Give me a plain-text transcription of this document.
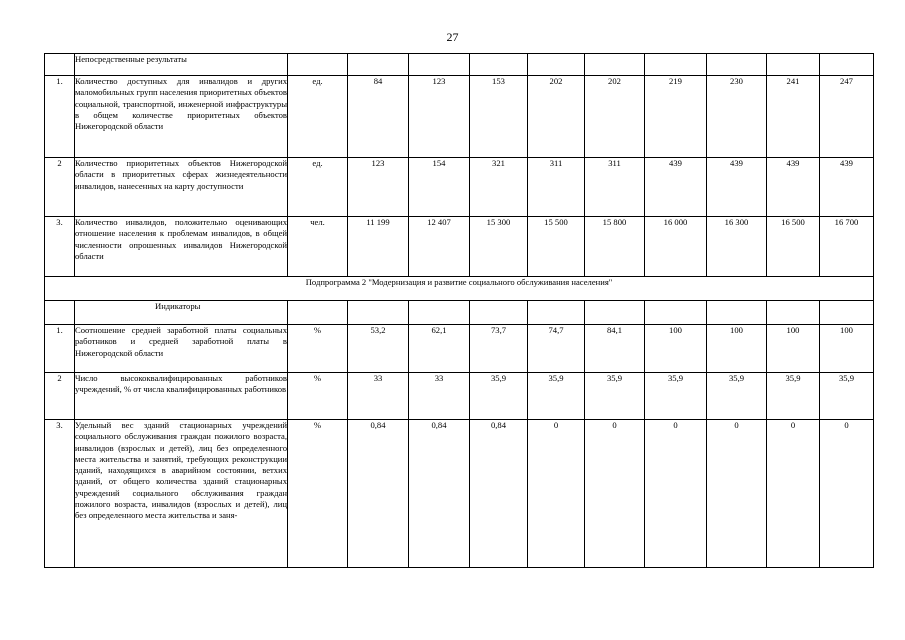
27
	Непосредственные результаты										
1.	Количество доступных для инвалидов и других маломобильных групп населения приоритетных объектов социальной, транспортной, инженерной инфраструктуры в общем количестве приоритетных объектов Нижегородской области	ед.	84	123	153	202	202	219	230	241	247
2	Количество приоритетных объектов Нижегородской области в приоритетных сферах жизнедеятельности инвалидов, нанесенных на карту доступности	ед.	123	154	321	311	311	439	439	439	439
3.	Количество инвалидов, положительно оценивающих отношение населения к проблемам инвалидов, в общей численности опрошенных инвалидов Нижегородской области	чел.	11 199	12 407	15 300	15 500	15 800	16 000	16 300	16 500	16 700
Подпрограмма 2 "Модернизация и развитие социального обслуживания населения"											
	Индикаторы										
1.	Соотношение средней заработной платы социальных работников и средней заработной платы в Нижегородской области	%	53,2	62,1	73,7	74,7	84,1	100	100	100	100
2	Число высококвалифицированных работников учреждений, % от числа квалифицированных работников	%	33	33	35,9	35,9	35,9	35,9	35,9	35,9	35,9
3.	Удельный вес зданий стационарных учреждений социального обслуживания граждан пожилого возраста, инвалидов (взрослых и детей), лиц без определенного места жительства и занятий, требующих реконструкции зданий, находящихся в аварийном состоянии, ветхих зданий, от общего количества зданий стационарных учреждений социального обслуживания граждан пожилого возраста, инвалидов (взрослых и детей), лиц без определенного места жительства и заня-	%	0,84	0,84	0,84	0	0	0	0	0	0
